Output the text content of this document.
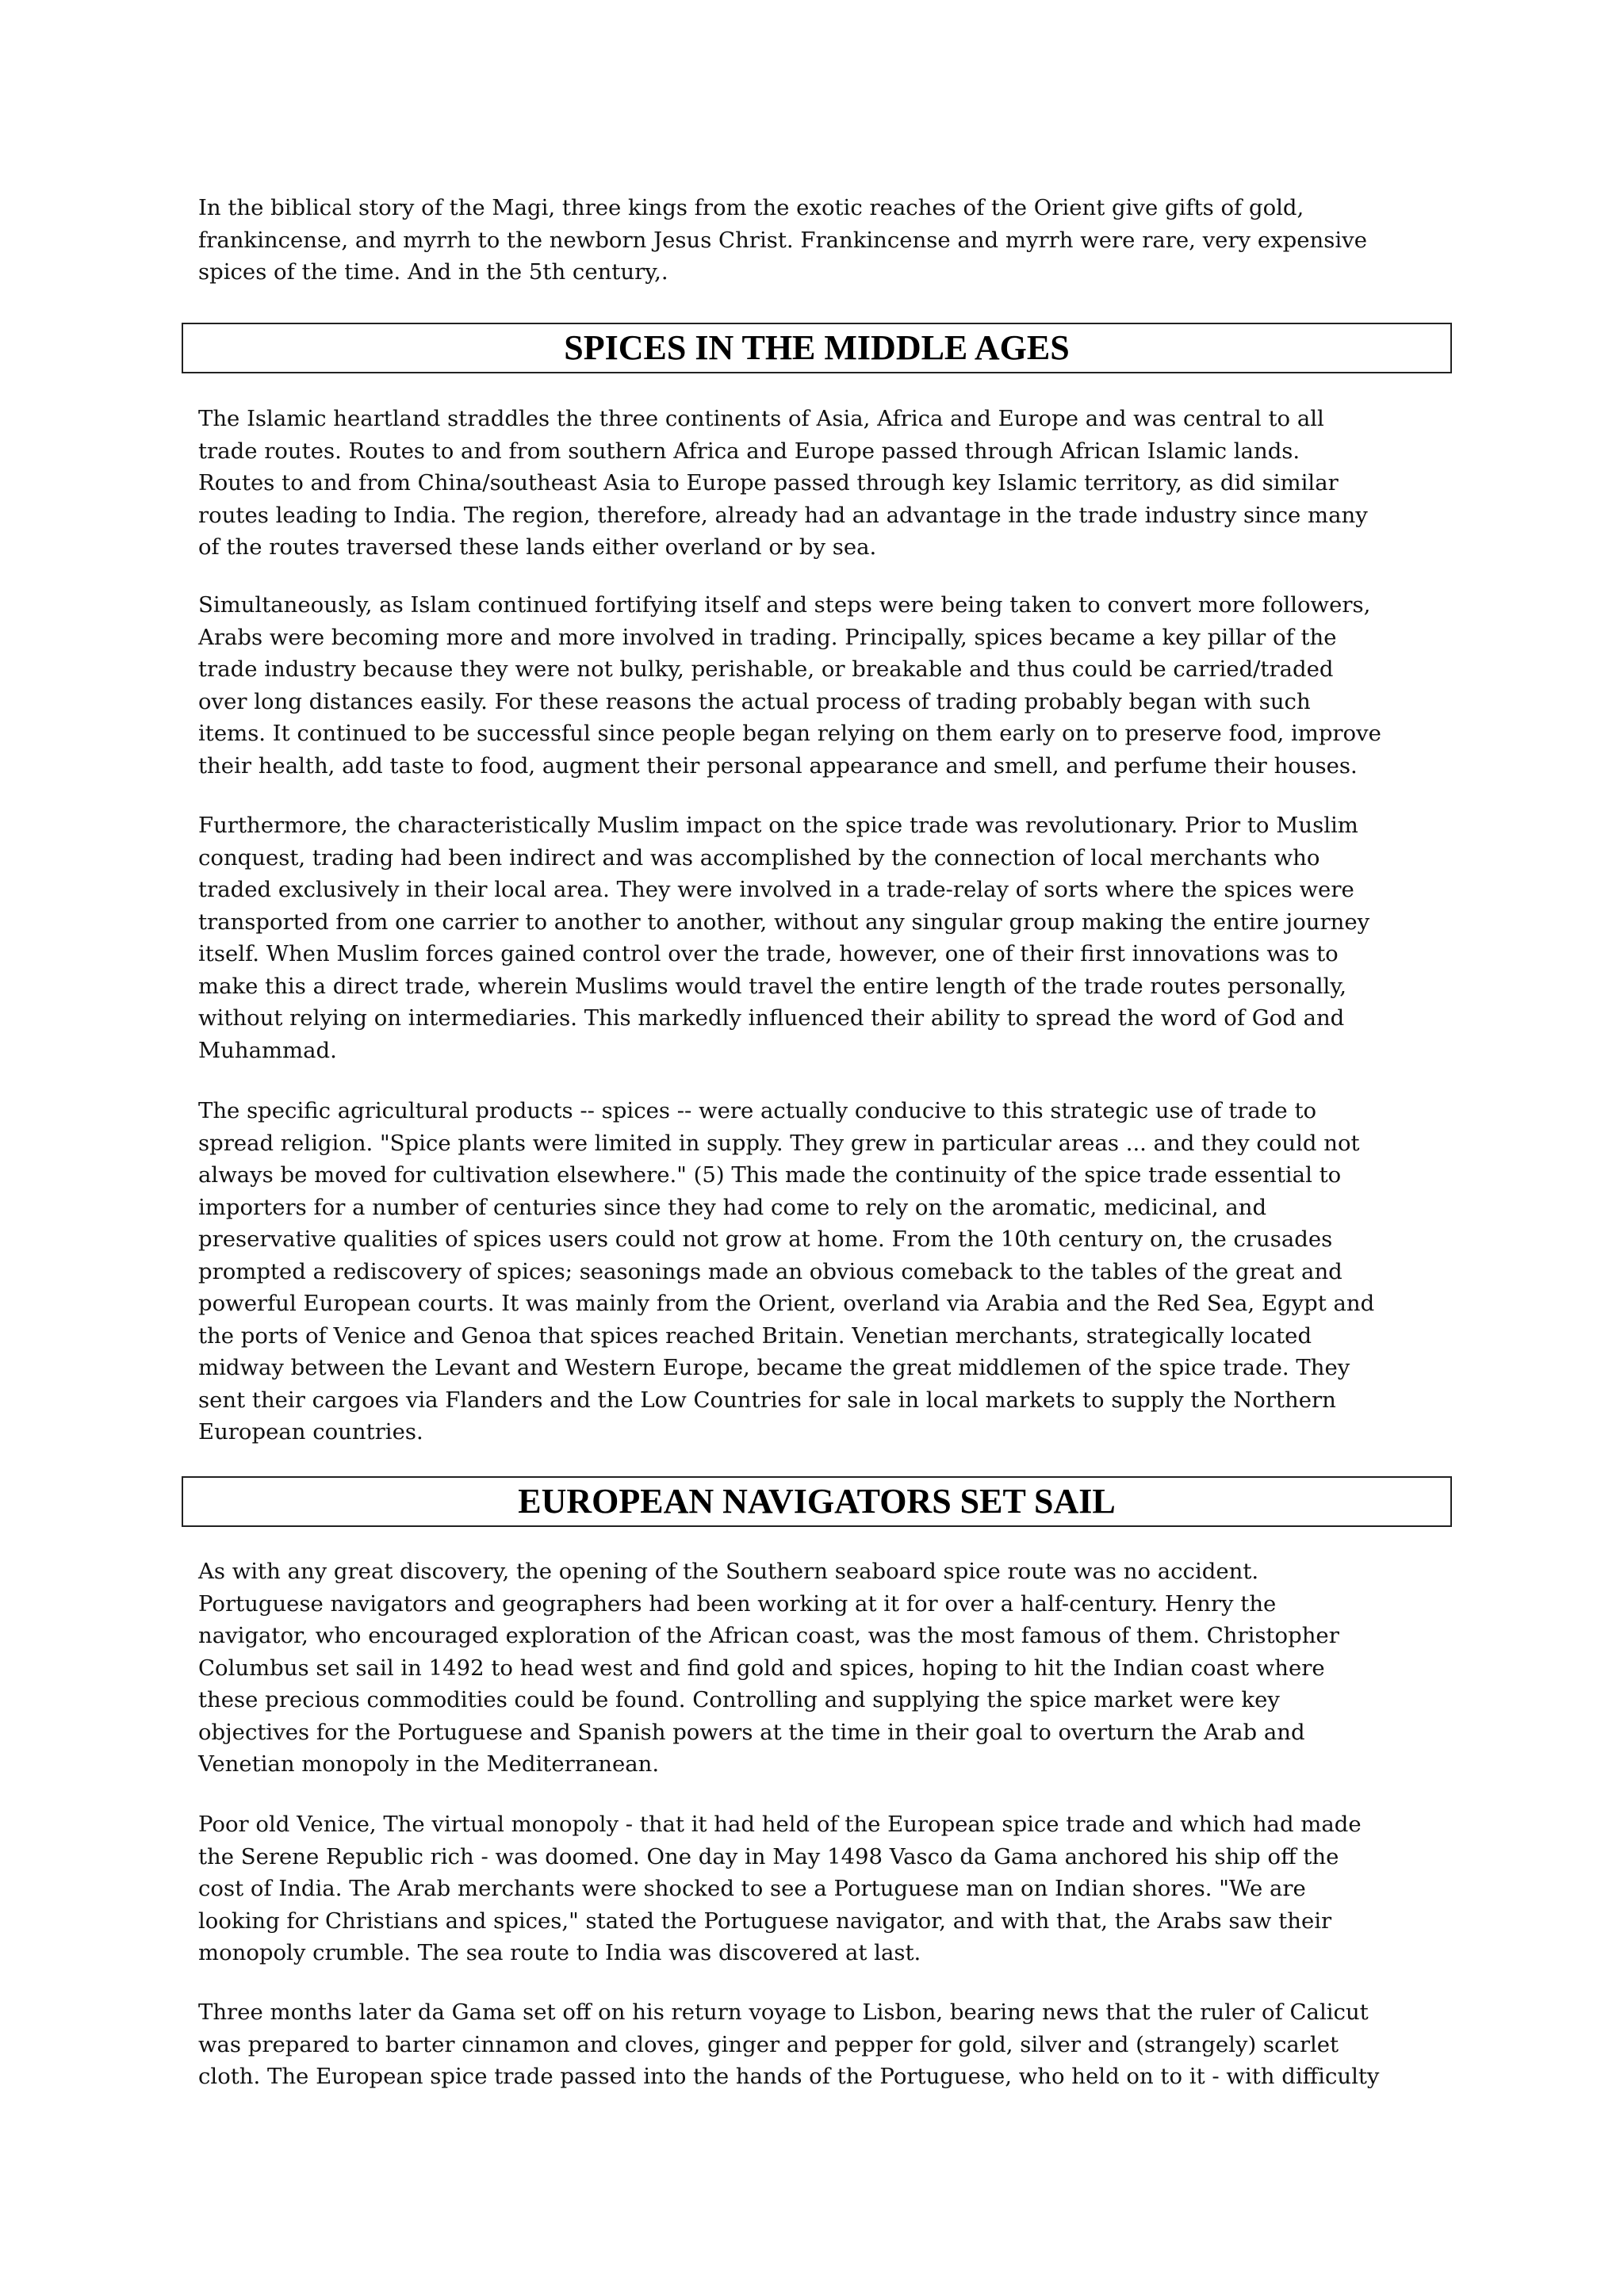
In the biblical story of the Magi, three kings from the exotic reaches of the Orient give gifts of gold,
frankincense, and myrrh to the newborn Jesus Christ. Frankincense and myrrh were rare, very expensive
spices of the time. And in the 5th century,.
SPICES IN THE MIDDLE AGES
The Islamic heartland straddles the three continents of Asia, Africa and Europe and was central to all
trade routes. Routes to and from southern Africa and Europe passed through African Islamic lands.
Routes to and from China/southeast Asia to Europe passed through key Islamic territory, as did similar
routes leading to India. The region, therefore, already had an advantage in the trade industry since many
of the routes traversed these lands either overland or by sea.
Simultaneously, as Islam continued fortifying itself and steps were being taken to convert more followers,
Arabs were becoming more and more involved in trading. Principally, spices became a key pillar of the
trade industry because they were not bulky, perishable, or breakable and thus could be carried/traded
over long distances easily. For these reasons the actual process of trading probably began with such
items. It continued to be successful since people began relying on them early on to preserve food, improve
their health, add taste to food, augment their personal appearance and smell, and perfume their houses.
Furthermore, the characteristically Muslim impact on the spice trade was revolutionary. Prior to Muslim
conquest, trading had been indirect and was accomplished by the connection of local merchants who
traded exclusively in their local area. They were involved in a trade-relay of sorts where the spices were
transported from one carrier to another to another, without any singular group making the entire journey
itself. When Muslim forces gained control over the trade, however, one of their first innovations was to
make this a direct trade, wherein Muslims would travel the entire length of the trade routes personally,
without relying on intermediaries. This markedly influenced their ability to spread the word of God and
Muhammad.
The specific agricultural products -- spices -- were actually conducive to this strategic use of trade to
spread religion. "Spice plants were limited in supply. They grew in particular areas ... and they could not
always be moved for cultivation elsewhere." (5) This made the continuity of the spice trade essential to
importers for a number of centuries since they had come to rely on the aromatic, medicinal, and
preservative qualities of spices users could not grow at home. From the 10th century on, the crusades
prompted a rediscovery of spices; seasonings made an obvious comeback to the tables of the great and
powerful European courts. It was mainly from the Orient, overland via Arabia and the Red Sea, Egypt and
the ports of Venice and Genoa that spices reached Britain. Venetian merchants, strategically located
midway between the Levant and Western Europe, became the great middlemen of the spice trade. They
sent their cargoes via Flanders and the Low Countries for sale in local markets to supply the Northern
European countries.
EUROPEAN NAVIGATORS SET SAIL
As with any great discovery, the opening of the Southern seaboard spice route was no accident.
Portuguese navigators and geographers had been working at it for over a half-century. Henry the
navigator, who encouraged exploration of the African coast, was the most famous of them. Christopher
Columbus set sail in 1492 to head west and find gold and spices, hoping to hit the Indian coast where
these precious commodities could be found. Controlling and supplying the spice market were key
objectives for the Portuguese and Spanish powers at the time in their goal to overturn the Arab and
Venetian monopoly in the Mediterranean.
Poor old Venice, The virtual monopoly - that it had held of the European spice trade and which had made
the Serene Republic rich - was doomed. One day in May 1498 Vasco da Gama anchored his ship off the
cost of India. The Arab merchants were shocked to see a Portuguese man on Indian shores. "We are
looking for Christians and spices," stated the Portuguese navigator, and with that, the Arabs saw their
monopoly crumble. The sea route to India was discovered at last.
Three months later da Gama set off on his return voyage to Lisbon, bearing news that the ruler of Calicut
was prepared to barter cinnamon and cloves, ginger and pepper for gold, silver and (strangely) scarlet
cloth. The European spice trade passed into the hands of the Portuguese, who held on to it - with difficulty
